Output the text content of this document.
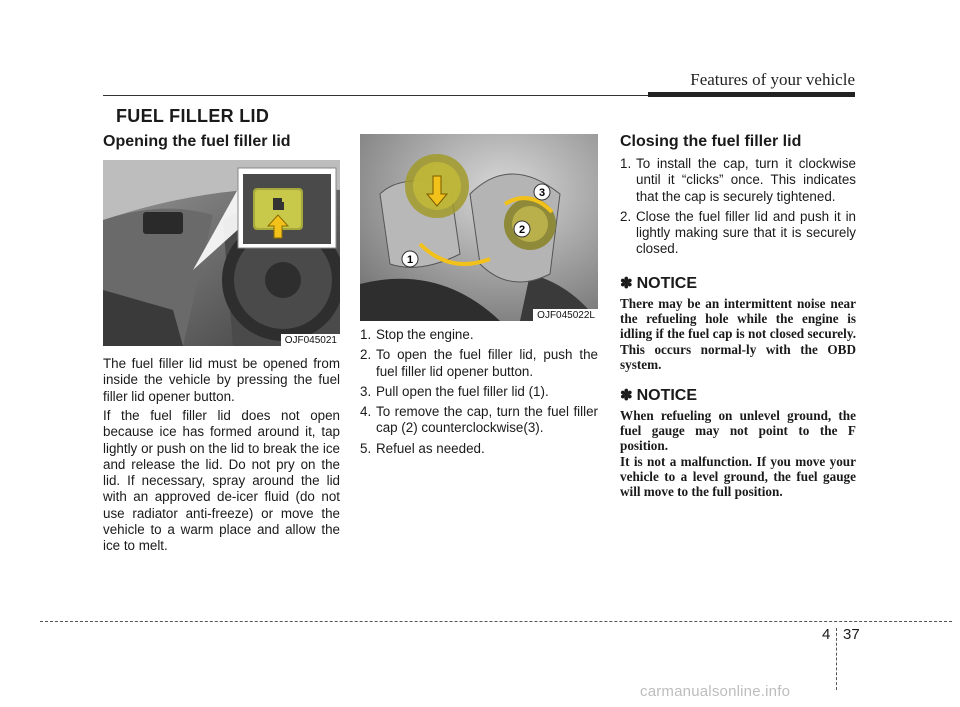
Features of your vehicle
FUEL FILLER LID
Opening the fuel filler lid
OJF045021

The fuel filler lid must be opened from inside the vehicle by pressing the fuel filler lid opener button.

If the fuel filler lid does not open because ice has formed around it, tap lightly or push on the lid to break the ice and release the lid. Do not pry on the lid. If necessary, spray around the lid with an approved de-icer fluid (do not use radiator anti-freeze) or move the vehicle to a warm place and allow the ice to melt.

1
2
3
OJF045022L
1. Stop the engine.
2. To open the fuel filler lid, push the fuel filler lid opener button.
3. Pull open the fuel filler lid (1).
4. To remove the cap, turn the fuel filler cap (2) counterclockwise(3).
5. Refuel as needed.
Closing the fuel filler lid
1. To install the cap, turn it clockwise until it “clicks” once. This indicates that the cap is securely tightened.
2. Close the fuel filler lid and push it in lightly making sure that it is securely closed.
✽ NOTICE

There may be an intermittent noise near the refueling hole while the engine is idling if the fuel cap is not closed securely. This occurs normal-ly with the OBD system.

✽ NOTICE

When refueling on unlevel ground, the fuel gauge may not point to the F position.
It is not a malfunction. If you move your vehicle to a level ground, the fuel gauge will move to the full position.

4 37
carmanualsonline.info
